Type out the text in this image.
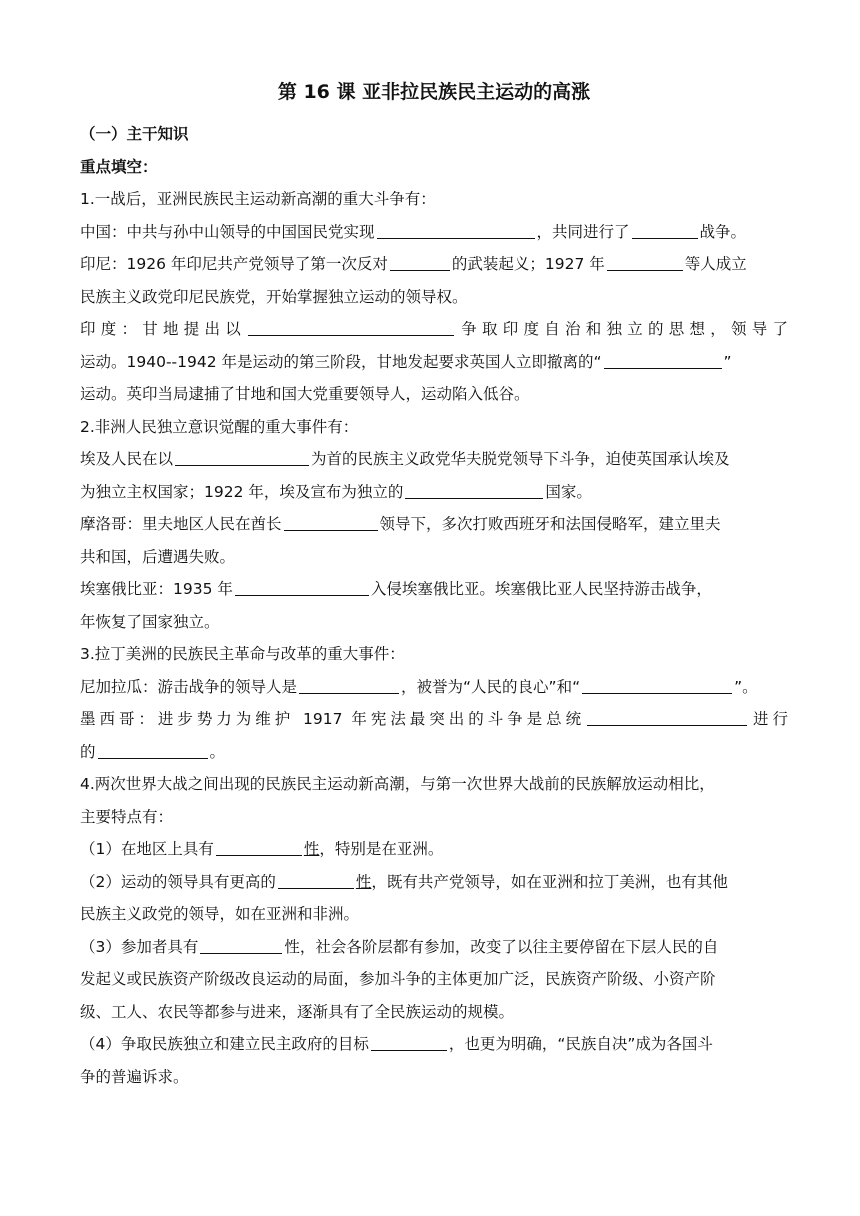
第 16 课 亚非拉民族民主运动的高涨
（一）主干知识
重点填空：
1.一战后，亚洲民族民主运动新高潮的重大斗争有：
中国：中共与孙中山领导的中国国民党实现	，共同进行了	战争。
印尼：1926 年印尼共产党领导了第一次反对	的武装起义；1927 年	等人成立
民族主义政党印尼民族党，开始掌握独立运动的领导权。
印度：甘地提出以	争取印度自治和独立的思想，领导了
运动。1940--1942 年是运动的第三阶段，甘地发起要求英国人立即撤离的“	”
运动。英印当局逮捕了甘地和国大党重要领导人，运动陷入低谷。
2.非洲人民独立意识觉醒的重大事件有：
埃及人民在以	为首的民族主义政党华夫脱党领导下斗争，迫使英国承认埃及
为独立主权国家；1922 年，埃及宣布为独立的	国家。
摩洛哥：里夫地区人民在酋长	领导下，多次打败西班牙和法国侵略军，建立里夫
共和国，后遭遇失败。
埃塞俄比亚：1935 年	入侵埃塞俄比亚。埃塞俄比亚人民坚持游击战争，
年恢复了国家独立。
3.拉丁美洲的民族民主革命与改革的重大事件：
尼加拉瓜：游击战争的领导人是	，被誉为“人民的良心”和“	”。
墨西哥：进步势力为维护 1917 年宪法最突出的斗争是总统	进行
的	。
4.两次世界大战之间出现的民族民主运动新高潮，与第一次世界大战前的民族解放运动相比，
主要特点有：
（1）在地区上具有	性，特别是在亚洲。
（2）运动的领导具有更高的	性，既有共产党领导，如在亚洲和拉丁美洲，也有其他
民族主义政党的领导，如在亚洲和非洲。
（3）参加者具有	性，社会各阶层都有参加，改变了以往主要停留在下层人民的自
发起义或民族资产阶级改良运动的局面，参加斗争的主体更加广泛，民族资产阶级、小资产阶
级、工人、农民等都参与进来，逐渐具有了全民族运动的规模。
（4）争取民族独立和建立民主政府的目标	，也更为明确，“民族自决”成为各国斗
争的普遍诉求。
